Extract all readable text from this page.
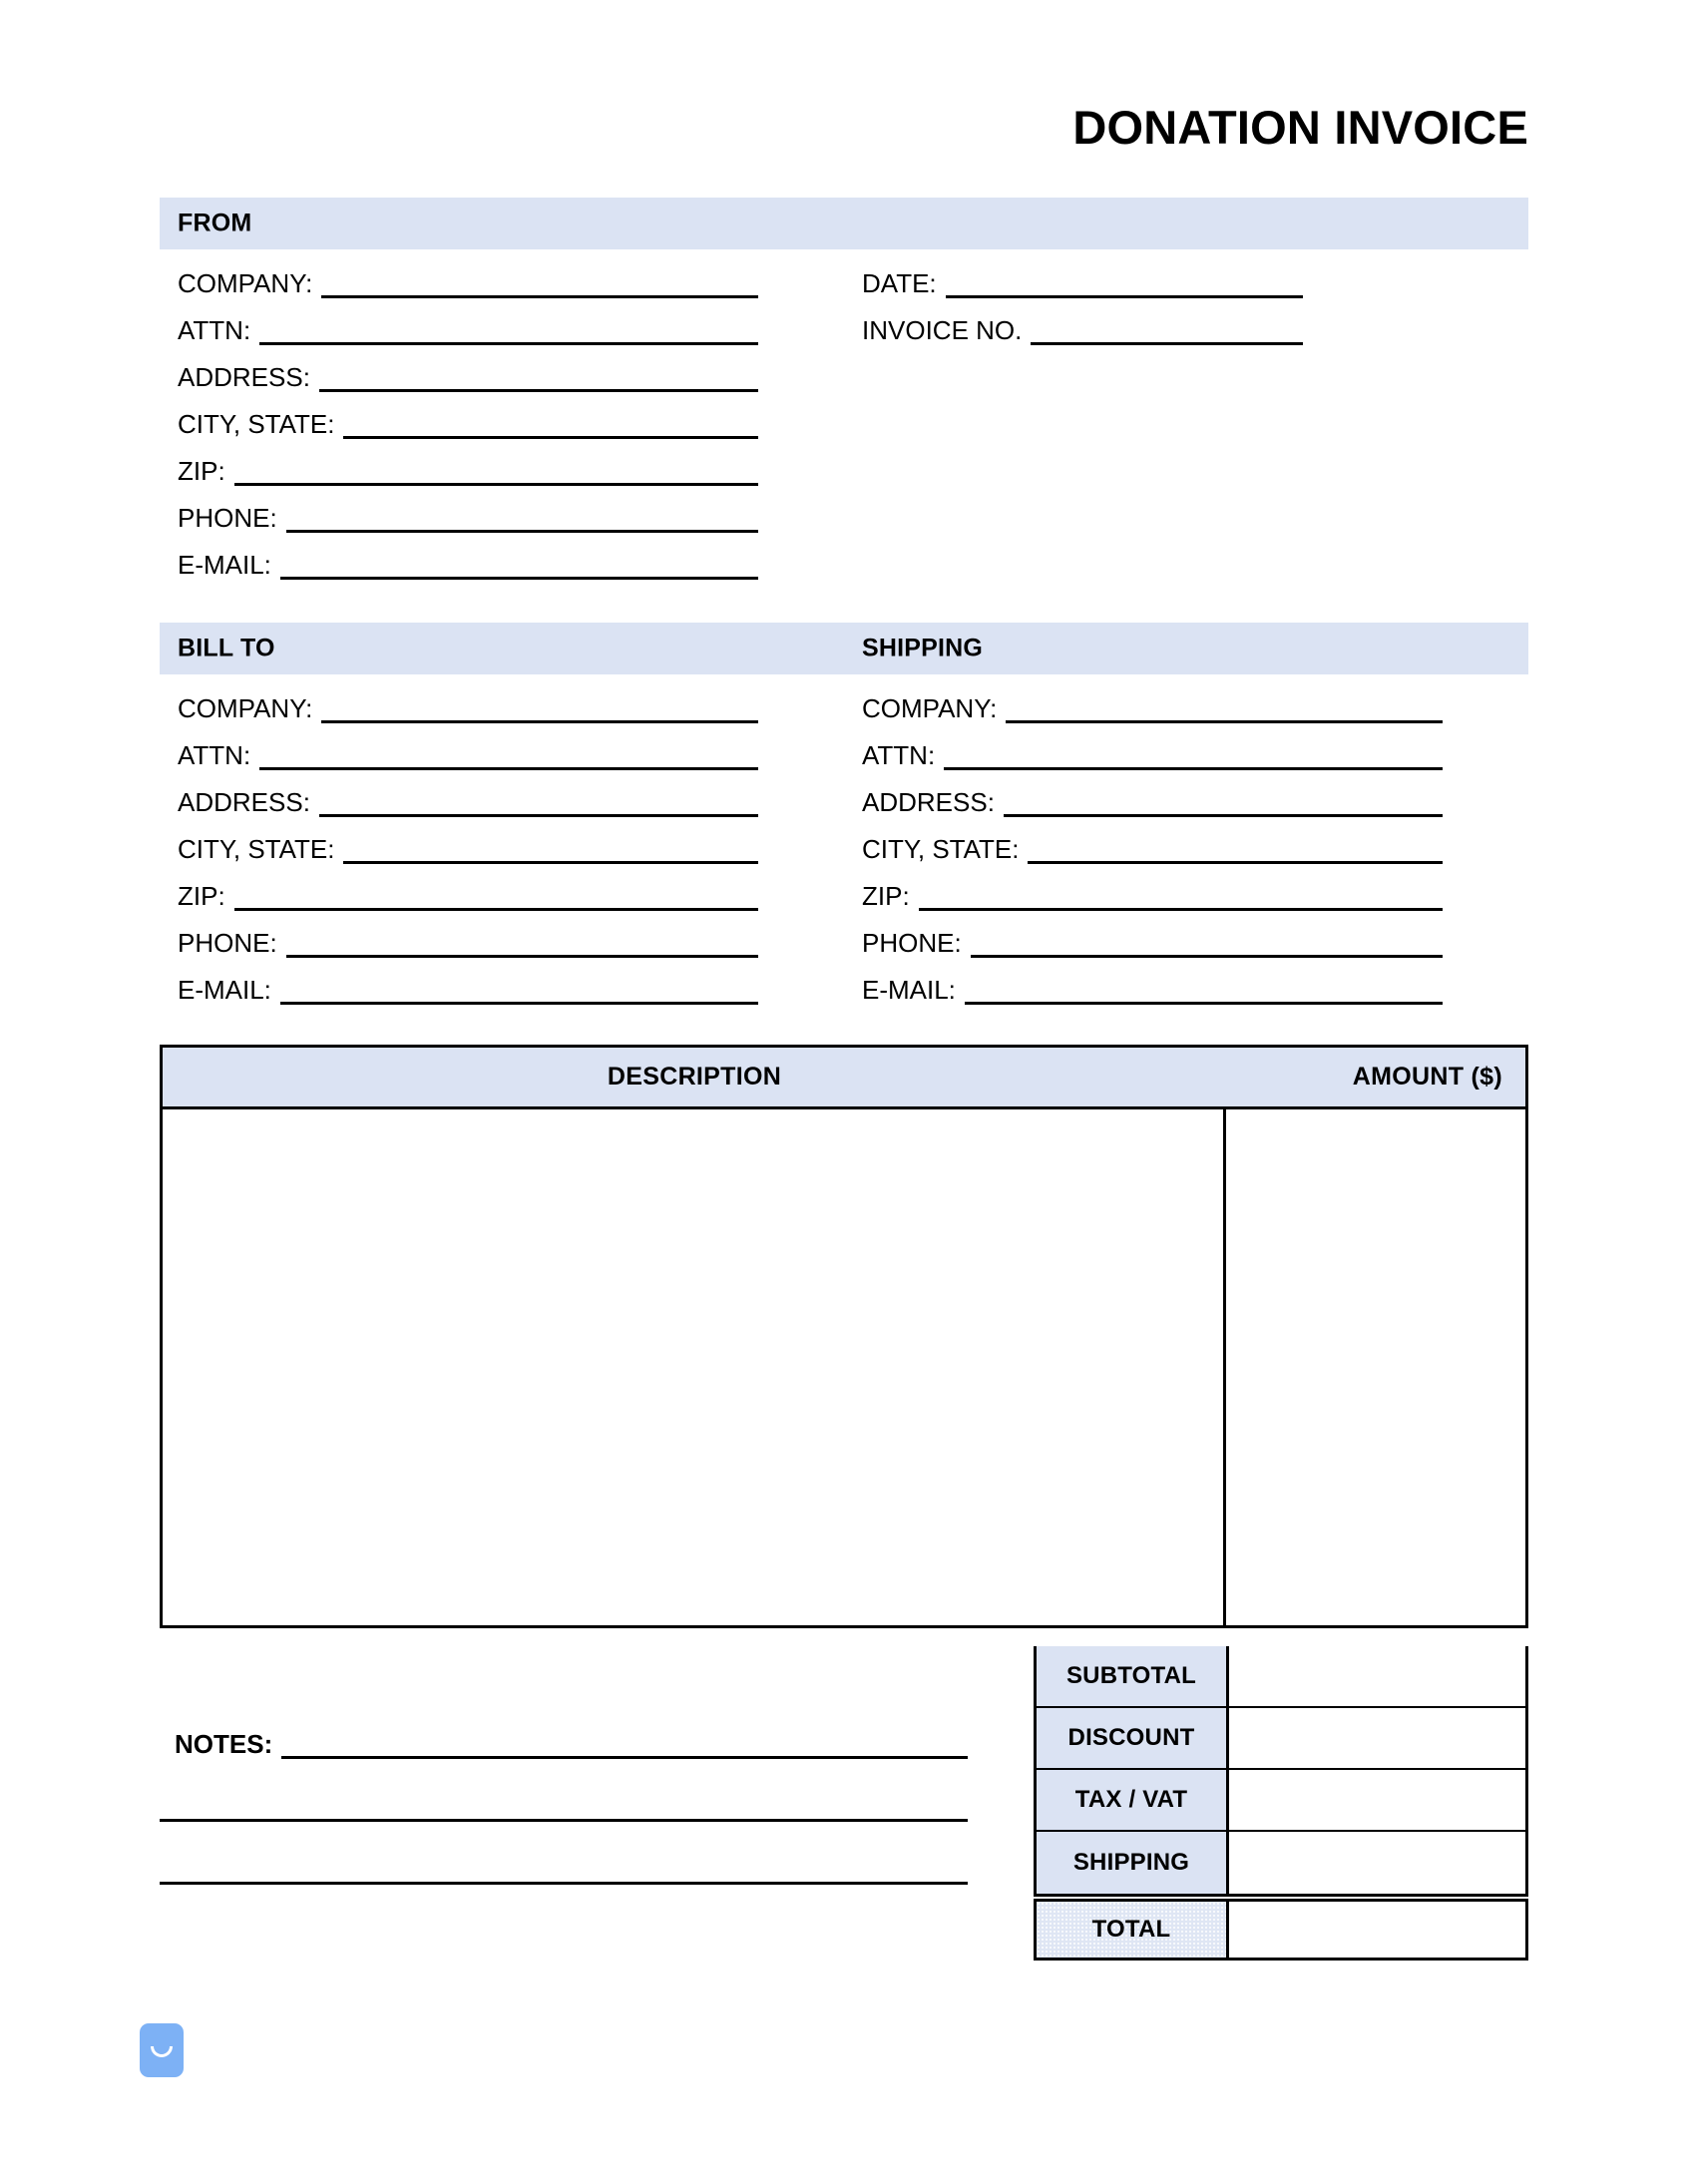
DONATION INVOICE
FROM
COMPANY:
ATTN:
ADDRESS:
CITY, STATE:
ZIP:
PHONE:
E-MAIL:
DATE:
INVOICE NO.
BILL TO	SHIPPING
COMPANY:
ATTN:
ADDRESS:
CITY, STATE:
ZIP:
PHONE:
E-MAIL:
COMPANY:
ATTN:
ADDRESS:
CITY, STATE:
ZIP:
PHONE:
E-MAIL:
DESCRIPTION	AMOUNT ($)
SUBTOTAL
DISCOUNT
TAX / VAT
SHIPPING
TOTAL
NOTES:
